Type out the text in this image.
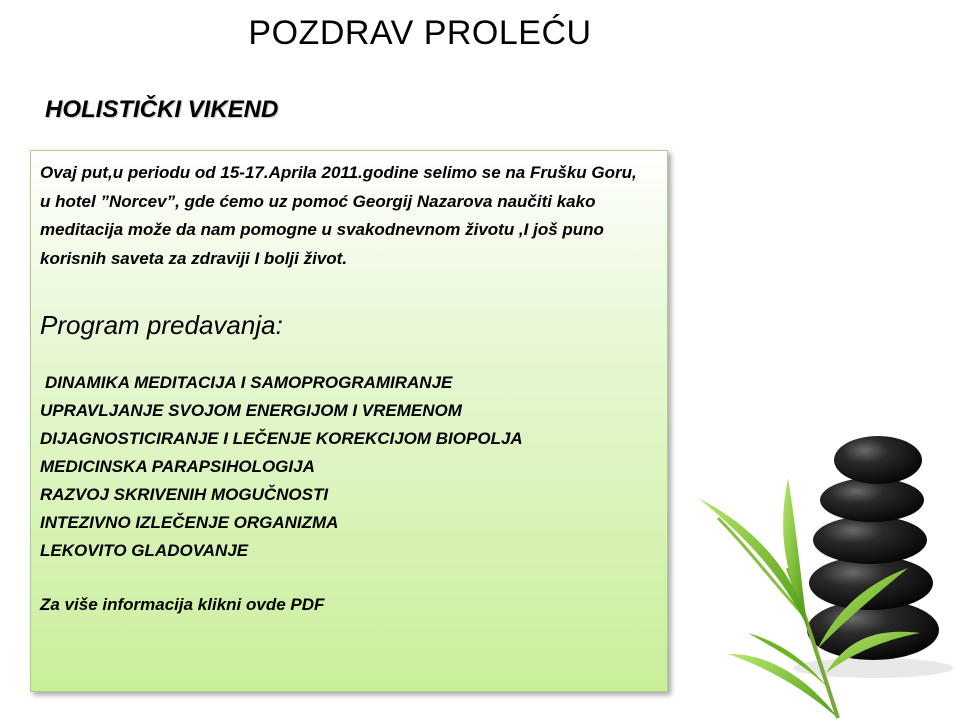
POZDRAV PROLEĆU
HOLISTIČKI VIKEND

Ovaj put,u periodu od 15-17.Aprila 2011.godine selimo se na Frušku Goru, u hotel ”Norcev”, gde ćemo uz pomoć Georgij Nazarova naučiti kako meditacija može da nam pomogne u svakodnevnom životu ,I još puno korisnih saveta za zdraviji I bolji život.

Program predavanja:

DINAMIKA MEDITACIJA I SAMOPROGRAMIRANJE
UPRAVLJANJE SVOJOM ENERGIJOM I VREMENOM
DIJAGNOSTICIRANJE I LEČENJE KOREKCIJOM BIOPOLJA
MEDICINSKA PARAPSIHOLOGIJA
RAZVOJ SKRIVENIH MOGUČNOSTI
INTEZIVNO IZLEČENJE ORGANIZMA
LEKOVITO GLADOVANJE

Za više informacija klikni ovde PDF
